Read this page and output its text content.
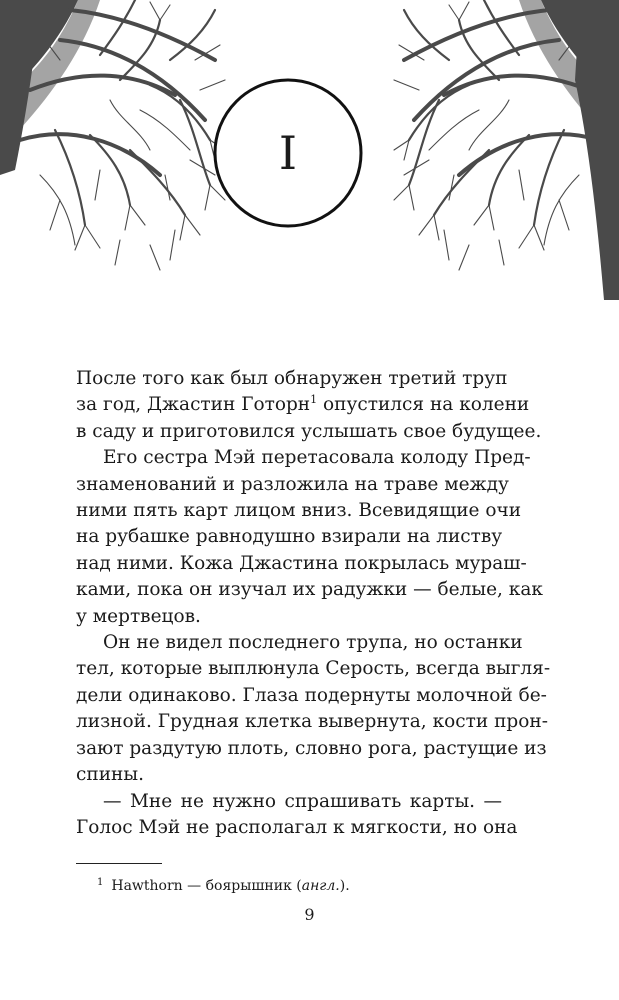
I

После того как был обнаружен третий труп
за год, Джастин Готорн$^1$ опустился на колени
в саду и приготовился услышать свое будущее.

Его сестра Мэй перетасовала колоду Пред-
знаменований и разложила на траве между
ними пять карт лицом вниз. Всевидящие очи
на рубашке равнодушно взирали на листву
над ними. Кожа Джастина покрылась мураш-
ками, пока он изучал их радужки — белые, как
у мертвецов.

Он не видел последнего трупа, но останки
тел, которые выплюнула Серость, всегда выгля-
дели одинаково. Глаза подернуты молочной бе-
лизной. Грудная клетка вывернута, кости прон-
зают раздутую плоть, словно рога, растущие из
спины.

— Мне не нужно спрашивать карты. —
Голос Мэй не располагал к мягкости, но она

$^1$ Hawthorn — боярышник (англ.).
9
